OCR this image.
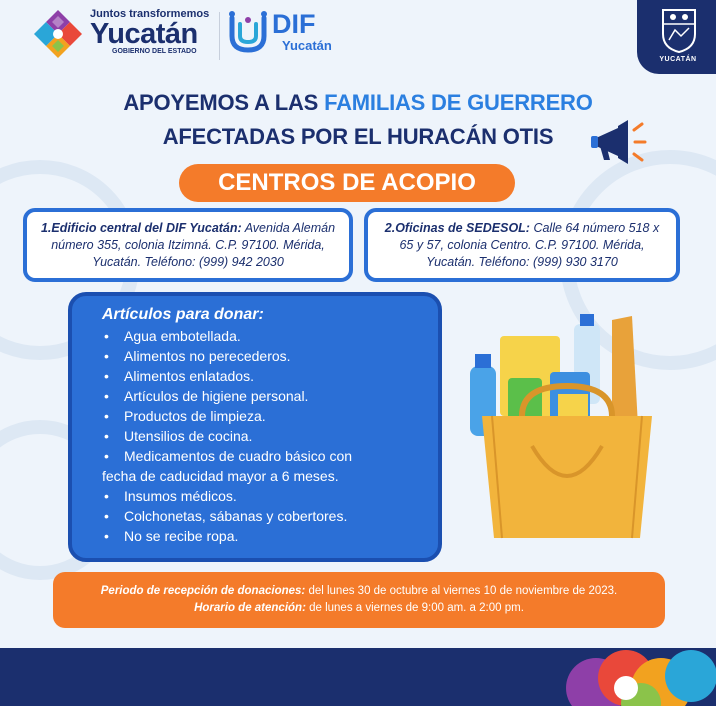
Juntos transformemos
Yucatán
GOBIERNO DEL ESTADO
DIF
Yucatán
YUCATÁN
APOYEMOS A LAS FAMILIAS DE GUERRERO
AFECTADAS POR EL HURACÁN OTIS
CENTROS DE ACOPIO
1.Edificio central del DIF Yucatán: Avenida Alemán número 355, colonia Itzimná. C.P. 97100. Mérida, Yucatán. Teléfono: (999) 942 2030
2.Oficinas de SEDESOL: Calle 64 número 518 x 65 y 57, colonia Centro. C.P. 97100. Mérida, Yucatán. Teléfono: (999) 930 3170
Artículos para donar:
• Agua embotellada.
• Alimentos no perecederos.
• Alimentos enlatados.
• Artículos de higiene personal.
• Productos de limpieza.
• Utensilios de cocina.
• Medicamentos de cuadro básico con
fecha de caducidad mayor a 6 meses.
• Insumos médicos.
• Colchonetas, sábanas y cobertores.
• No se recibe ropa.
Periodo de recepción de donaciones: del lunes 30 de octubre al viernes 10 de noviembre de 2023.
Horario de atención: de lunes a viernes de 9:00 am. a 2:00 pm.
